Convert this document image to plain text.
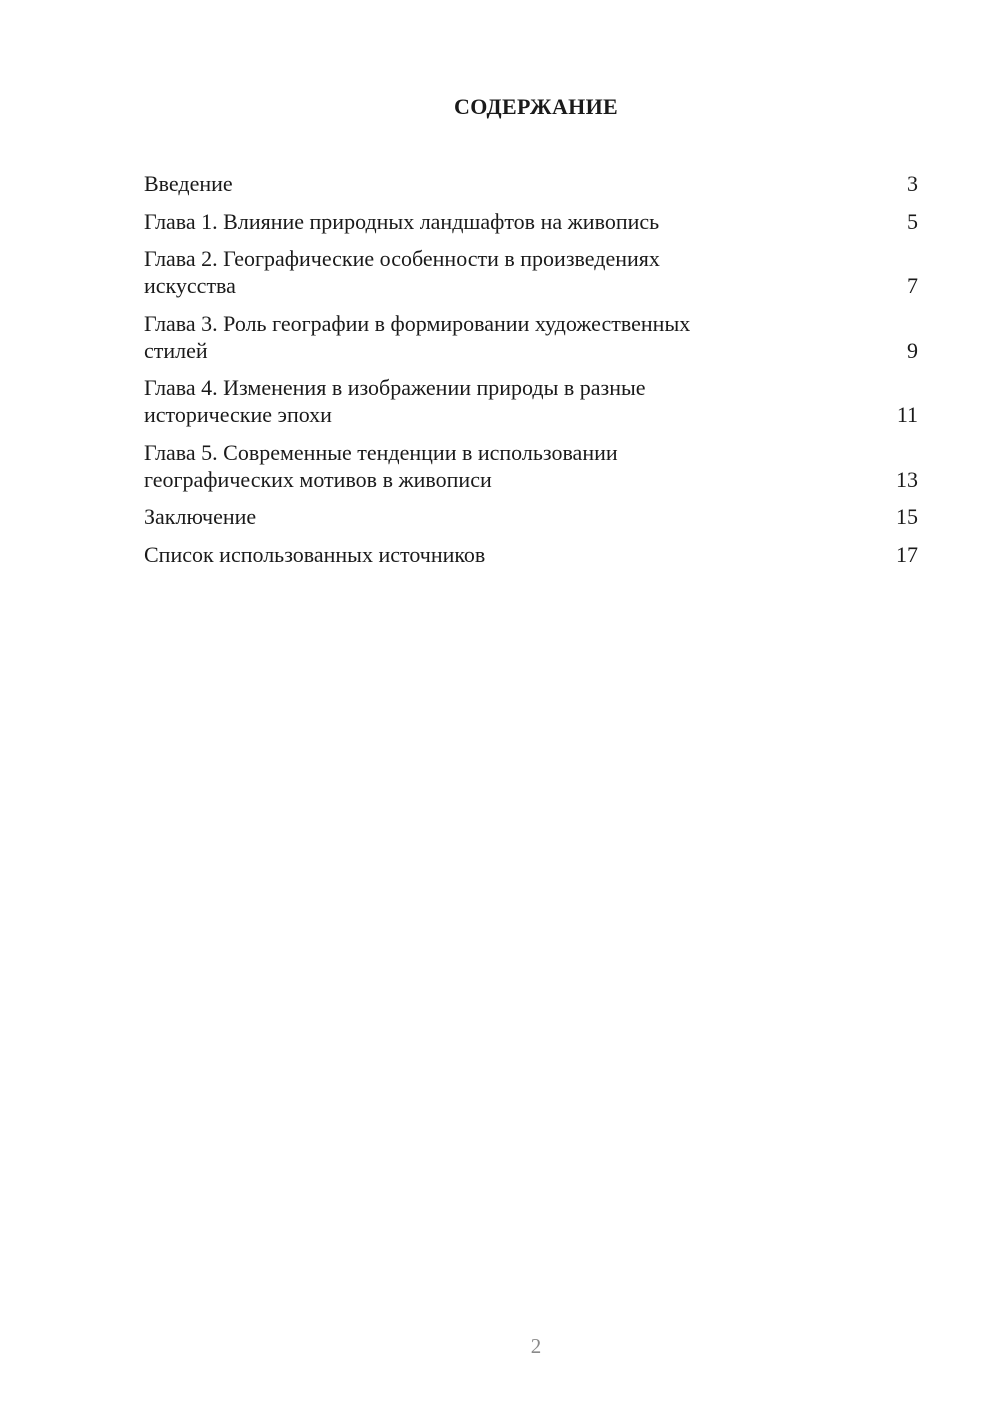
СОДЕРЖАНИЕ
Введение	3
Глава 1. Влияние природных ландшафтов на живопись	5
Глава 2. Географические особенности в произведениях
искусства	7
Глава 3. Роль географии в формировании художественных
стилей	9
Глава 4. Изменения в изображении природы в разные
исторические эпохи	11
Глава 5. Современные тенденции в использовании
географических мотивов в живописи	13
Заключение	15
Список использованных источников	17
2
